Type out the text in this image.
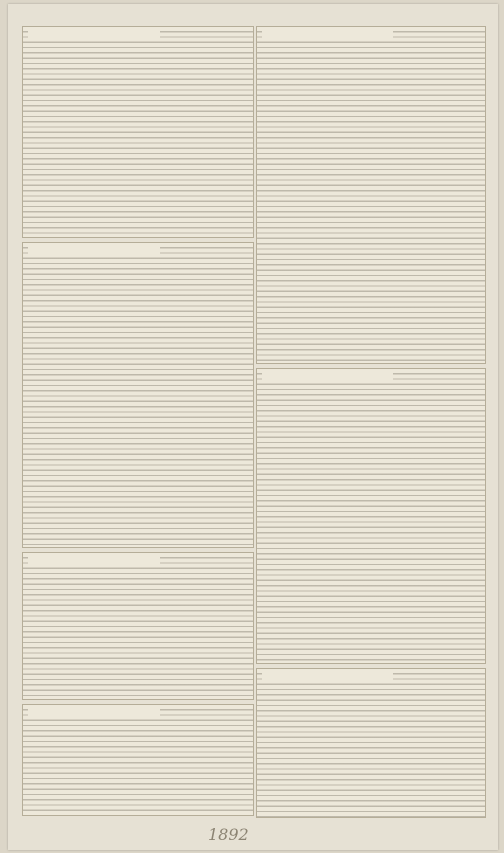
1892
